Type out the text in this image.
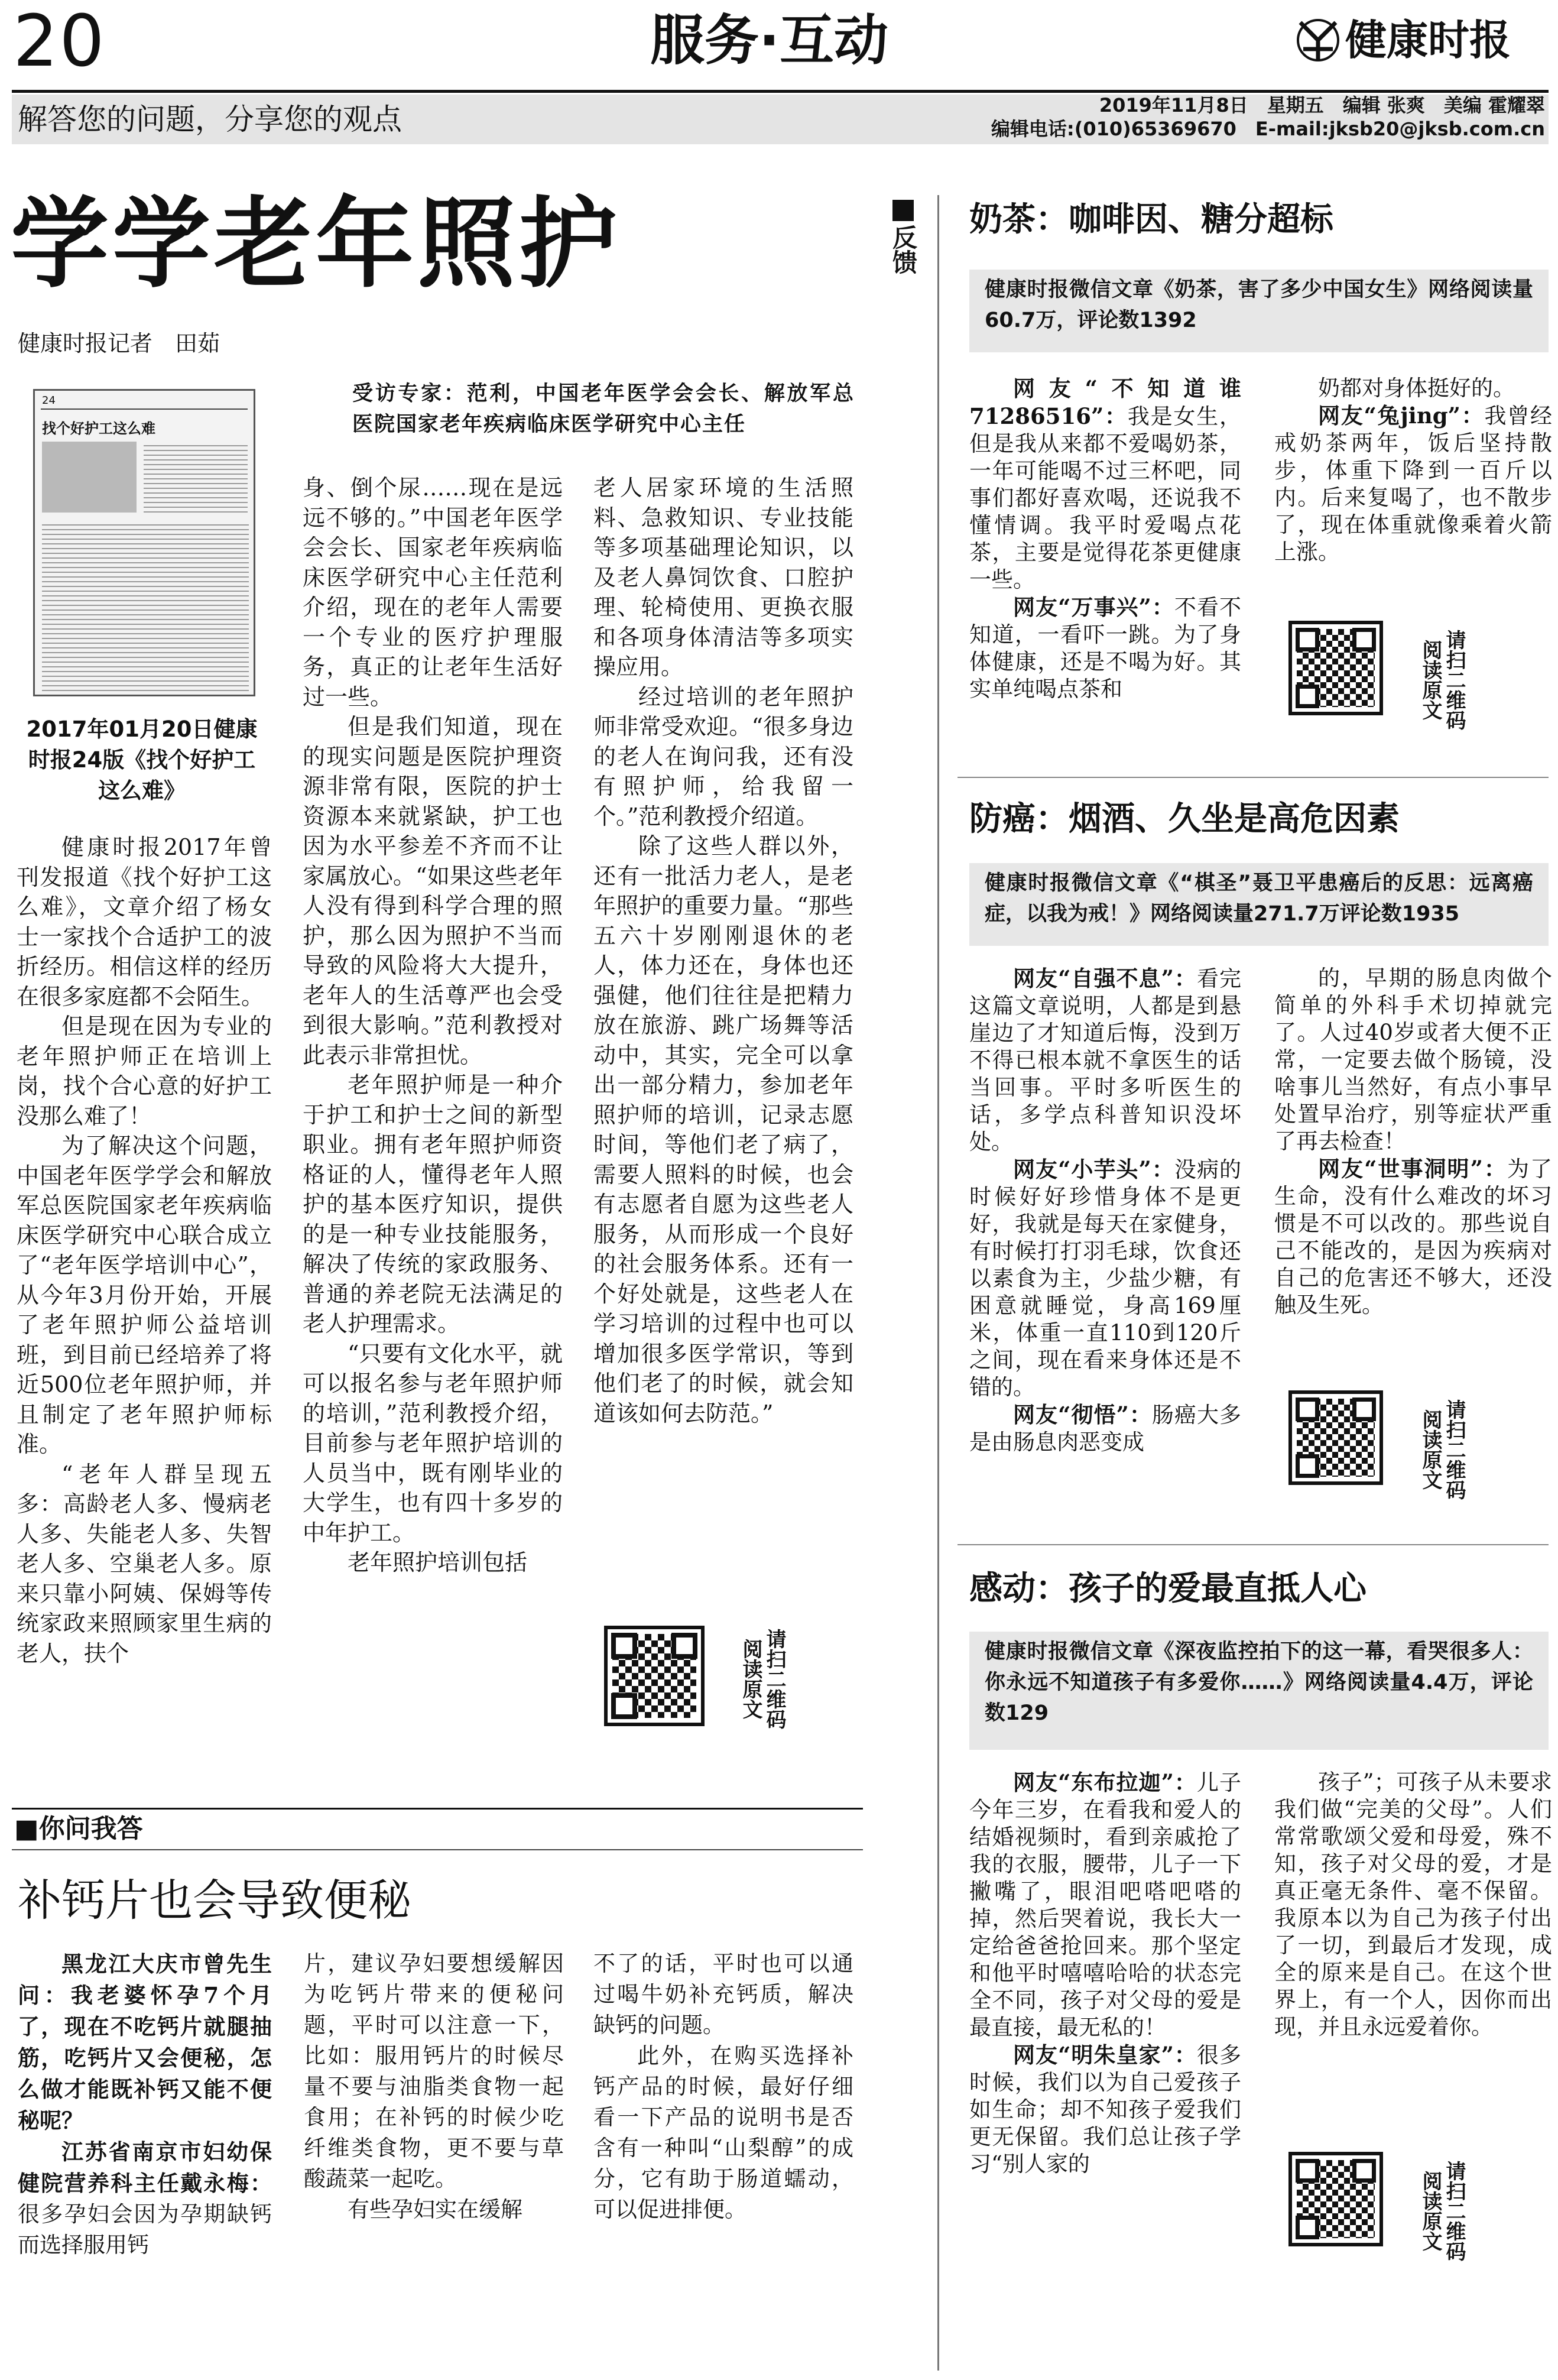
20	服务·互动	健康时报
解答您的问题，分享您的观点	2019年11月8日　星期五　编辑 张爽　美编 霍耀翠
编辑电话:(010)65369670　E-mail:jksb20@jksb.com.cn
学学老年照护
健康时报记者　田茹
24
找个好护工这么难
2017年01月20日健康时报24版《找个好护工这么难》
受访专家：范利，中国老年医学会会长、解放军总医院国家老年疾病临床医学研究中心主任

健康时报2017年曾刊发报道《找个好护工这么难》，文章介绍了杨女士一家找个合适护工的波折经历。相信这样的经历在很多家庭都不会陌生。

但是现在因为专业的老年照护师正在培训上岗，找个合心意的好护工没那么难了！

为了解决这个问题，中国老年医学学会和解放军总医院国家老年疾病临床医学研究中心联合成立了“老年医学培训中心”，从今年3月份开始，开展了老年照护师公益培训班，到目前已经培养了将近500位老年照护师，并且制定了老年照护师标准。

“老年人群呈现五多：高龄老人多、慢病老人多、失能老人多、失智老人多、空巢老人多。原来只靠小阿姨、保姆等传统家政来照顾家里生病的老人，扶个

身、倒个尿……现在是远远不够的。”中国老年医学会会长、国家老年疾病临床医学研究中心主任范利介绍，现在的老年人需要一个专业的医疗护理服务，真正的让老年生活好过一些。

但是我们知道，现在的现实问题是医院护理资源非常有限，医院的护士资源本来就紧缺，护工也因为水平参差不齐而不让家属放心。“如果这些老年人没有得到科学合理的照护，那么因为照护不当而导致的风险将大大提升，老年人的生活尊严也会受到很大影响。”范利教授对此表示非常担忧。

老年照护师是一种介于护工和护士之间的新型职业。拥有老年照护师资格证的人，懂得老年人照护的基本医疗知识，提供的是一种专业技能服务，解决了传统的家政服务、普通的养老院无法满足的老人护理需求。

“只要有文化水平，就可以报名参与老年照护师的培训，”范利教授介绍，目前参与老年照护培训的人员当中，既有刚毕业的大学生，也有四十多岁的中年护工。

老年照护培训包括

老人居家环境的生活照料、急救知识、专业技能等多项基础理论知识，以及老人鼻饲饮食、口腔护理、轮椅使用、更换衣服和各项身体清洁等多项实操应用。

经过培训的老年照护师非常受欢迎。“很多身边的老人在询问我，还有没有照护师，给我留一个。”范利教授介绍道。

除了这些人群以外，还有一批活力老人，是老年照护的重要力量。“那些五六十岁刚刚退休的老人，体力还在，身体也还强健，他们往往是把精力放在旅游、跳广场舞等活动中，其实，完全可以拿出一部分精力，参加老年照护师的培训，记录志愿时间，等他们老了病了，需要人照料的时候，也会有志愿者自愿为这些老人服务，从而形成一个良好的社会服务体系。还有一个好处就是，这些老人在学习培训的过程中也可以增加很多医学常识，等到他们老了的时候，就会知道该如何去防范。”

请扫二维码阅读原文
■你问我答
补钙片也会导致便秘

黑龙江大庆市曾先生问：我老婆怀孕7个月了，现在不吃钙片就腿抽筋，吃钙片又会便秘，怎么做才能既补钙又能不便秘呢？

江苏省南京市妇幼保健院营养科主任戴永梅：很多孕妇会因为孕期缺钙而选择服用钙

片，建议孕妇要想缓解因为吃钙片带来的便秘问题，平时可以注意一下，比如：服用钙片的时候尽量不要与油脂类食物一起食用；在补钙的时候少吃纤维类食物，更不要与草酸蔬菜一起吃。

有些孕妇实在缓解

不了的话，平时也可以通过喝牛奶补充钙质，解决缺钙的问题。

此外，在购买选择补钙产品的时候，最好仔细看一下产品的说明书是否含有一种叫“山梨醇”的成分，它有助于肠道蠕动，可以促进排便。

反馈
奶茶：咖啡因、糖分超标
健康时报微信文章《奶茶，害了多少中国女生》网络阅读量60.7万，评论数1392

网友“不知道谁71286516”：我是女生，但是我从来都不爱喝奶茶，一年可能喝不过三杯吧，同事们都好喜欢喝，还说我不懂情调。我平时爱喝点花茶，主要是觉得花茶更健康一些。

网友“万事兴”：不看不知道，一看吓一跳。为了身体健康，还是不喝为好。其实单纯喝点茶和

奶都对身体挺好的。

网友“兔jing”：我曾经戒奶茶两年，饭后坚持散步，体重下降到一百斤以内。后来复喝了，也不散步了，现在体重就像乘着火箭上涨。

请扫二维码阅读原文
防癌：烟酒、久坐是高危因素
健康时报微信文章《“棋圣”聂卫平患癌后的反思：远离癌症，以我为戒！》网络阅读量271.7万评论数1935

网友“自强不息”：看完这篇文章说明，人都是到悬崖边了才知道后悔，没到万不得已根本就不拿医生的话当回事。平时多听医生的话，多学点科普知识没坏处。

网友“小芋头”：没病的时候好好珍惜身体不是更好，我就是每天在家健身，有时候打打羽毛球，饮食还以素食为主，少盐少糖，有困意就睡觉，身高169厘米，体重一直110到120斤之间，现在看来身体还是不错的。

网友“彻悟”：肠癌大多是由肠息肉恶变成

的，早期的肠息肉做个简单的外科手术切掉就完了。人过40岁或者大便不正常，一定要去做个肠镜，没啥事儿当然好，有点小事早处置早治疗，别等症状严重了再去检查！

网友“世事洞明”：为了生命，没有什么难改的坏习惯是不可以改的。那些说自己不能改的，是因为疾病对自己的危害还不够大，还没触及生死。

请扫二维码阅读原文
感动：孩子的爱最直抵人心
健康时报微信文章《深夜监控拍下的这一幕，看哭很多人：你永远不知道孩子有多爱你……》网络阅读量4.4万，评论数129

网友“东布拉迦”：儿子今年三岁，在看我和爱人的结婚视频时，看到亲戚抢了我的衣服，腰带，儿子一下撇嘴了，眼泪吧嗒吧嗒的掉，然后哭着说，我长大一定给爸爸抢回来。那个坚定和他平时嘻嘻哈哈的状态完全不同，孩子对父母的爱是最直接，最无私的！

网友“明朱皇家”：很多时候，我们以为自己爱孩子如生命；却不知孩子爱我们更无保留。我们总让孩子学习“别人家的

孩子”；可孩子从未要求我们做“完美的父母”。人们常常歌颂父爱和母爱，殊不知，孩子对父母的爱，才是真正毫无条件、毫不保留。我原本以为自己为孩子付出了一切，到最后才发现，成全的原来是自己。在这个世界上，有一个人，因你而出现，并且永远爱着你。

请扫二维码阅读原文
